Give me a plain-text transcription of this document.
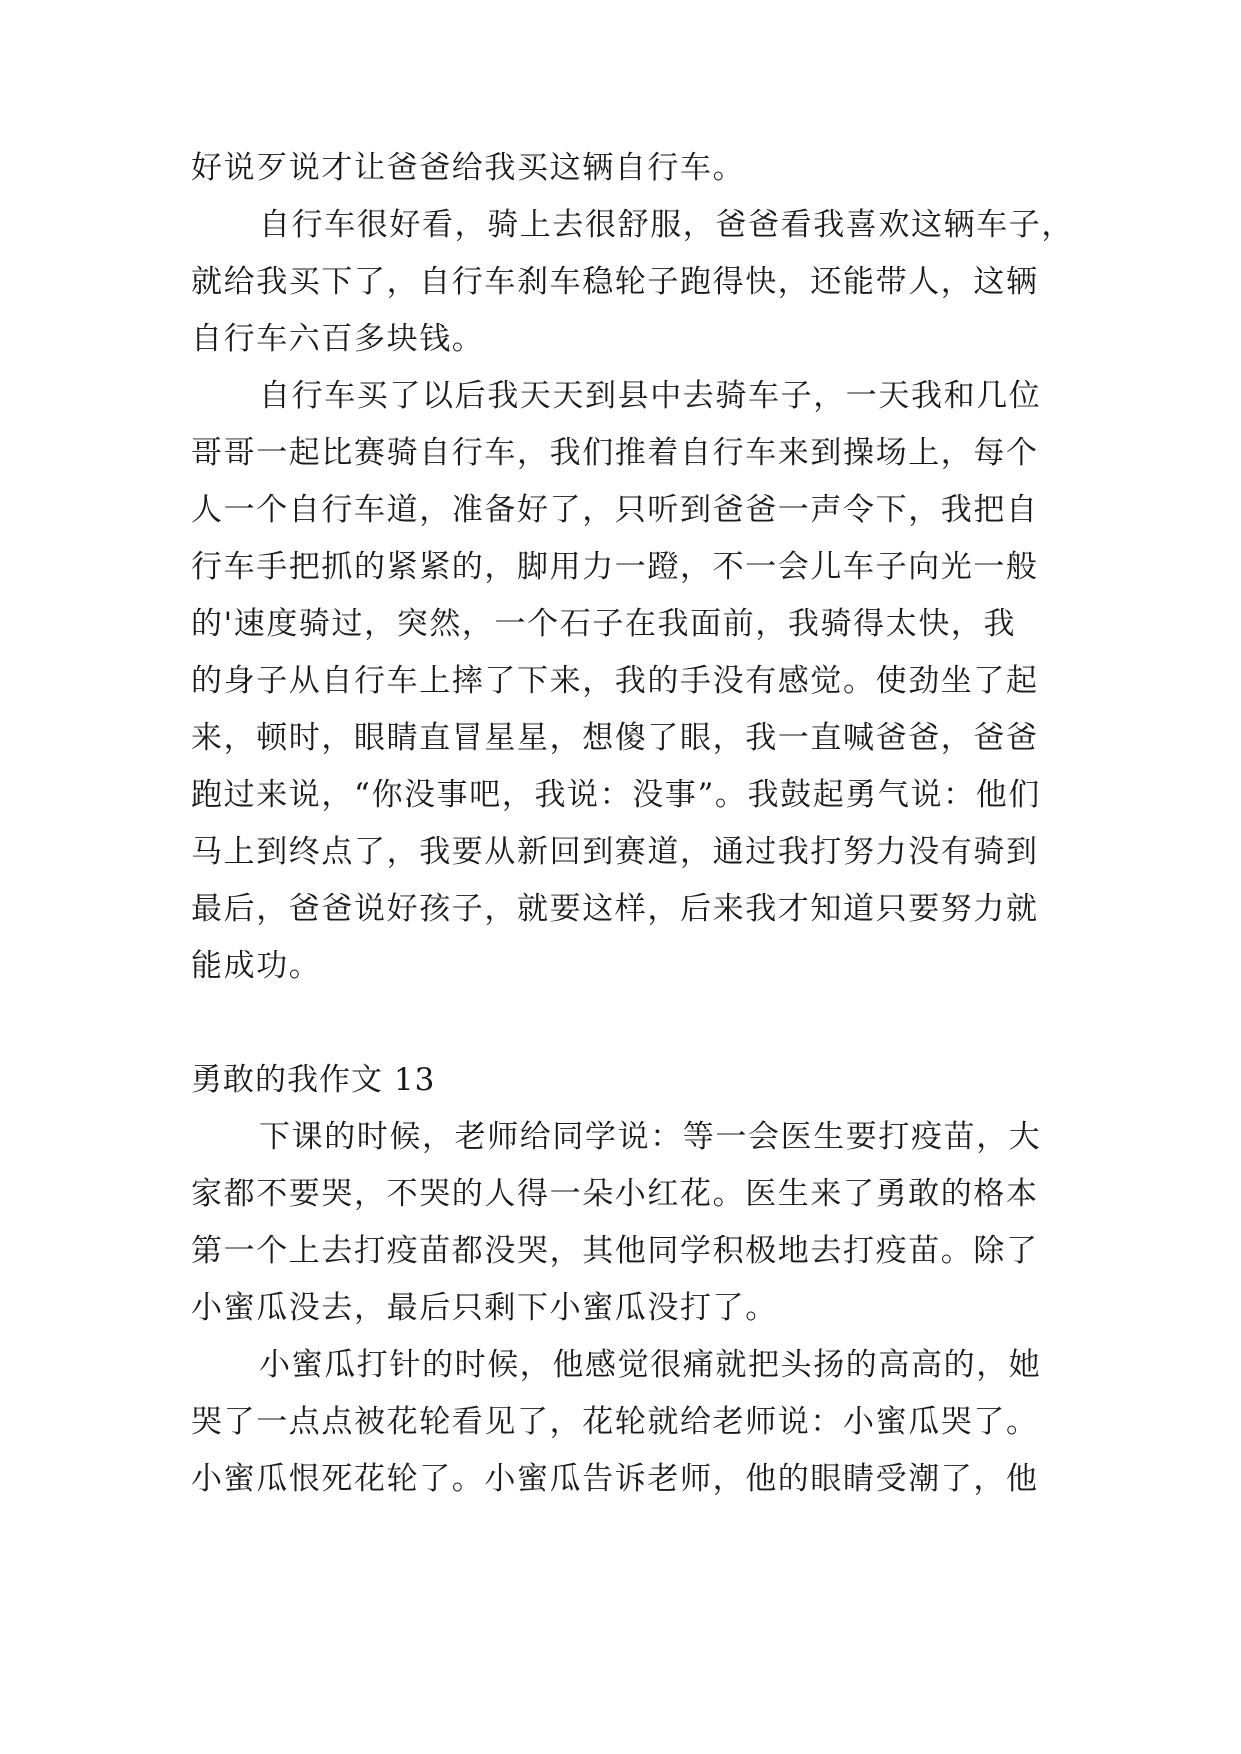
好说歹说才让爸爸给我买这辆自行车。
自行车很好看，骑上去很舒服，爸爸看我喜欢这辆车子，
就给我买下了，自行车刹车稳轮子跑得快，还能带人，这辆
自行车六百多块钱。
自行车买了以后我天天到县中去骑车子，一天我和几位
哥哥一起比赛骑自行车，我们推着自行车来到操场上，每个
人一个自行车道，准备好了，只听到爸爸一声令下，我把自
行车手把抓的紧紧的，脚用力一蹬，不一会儿车子向光一般
的'速度骑过，突然，一个石子在我面前，我骑得太快，我
的身子从自行车上摔了下来，我的手没有感觉。使劲坐了起
来，顿时，眼睛直冒星星，想傻了眼，我一直喊爸爸，爸爸
跑过来说，“你没事吧，我说：没事”。我鼓起勇气说：他们
马上到终点了，我要从新回到赛道，通过我打努力没有骑到
最后，爸爸说好孩子，就要这样，后来我才知道只要努力就
能成功。
勇敢的我作文 13
下课的时候，老师给同学说：等一会医生要打疫苗，大
家都不要哭，不哭的人得一朵小红花。医生来了勇敢的格本
第一个上去打疫苗都没哭，其他同学积极地去打疫苗。除了
小蜜瓜没去，最后只剩下小蜜瓜没打了。
小蜜瓜打针的时候，他感觉很痛就把头扬的高高的，她
哭了一点点被花轮看见了，花轮就给老师说：小蜜瓜哭了。
小蜜瓜恨死花轮了。小蜜瓜告诉老师，他的眼睛受潮了，他
